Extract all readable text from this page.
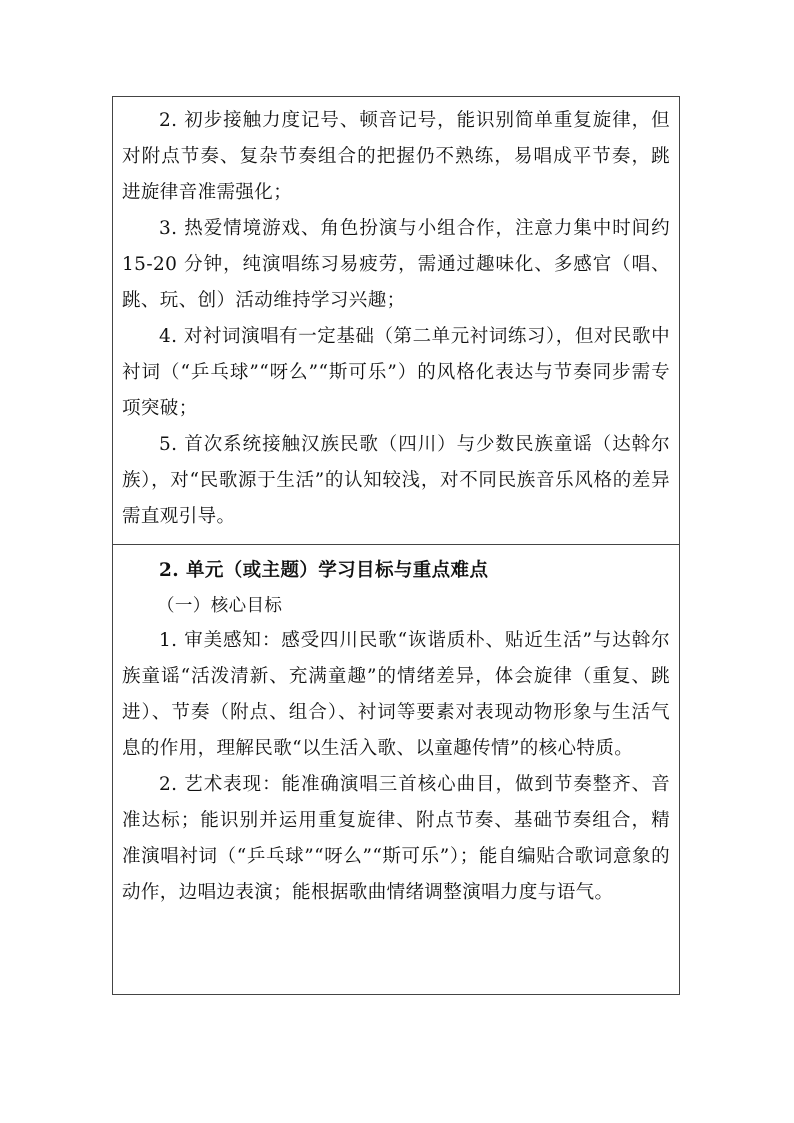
2. 初步接触力度记号、顿音记号，能识别简单重复旋律，但对附点节奏、复杂节奏组合的把握仍不熟练，易唱成平节奏，跳进旋律音准需强化；

3. 热爱情境游戏、角色扮演与小组合作，注意力集中时间约 15-20 分钟，纯演唱练习易疲劳，需通过趣味化、多感官（唱、跳、玩、创）活动维持学习兴趣；

4. 对衬词演唱有一定基础（第二单元衬词练习），但对民歌中衬词（“乒乓球”“呀么”“斯可乐”）的风格化表达与节奏同步需专项突破；

5. 首次系统接触汉族民歌（四川）与少数民族童谣（达斡尔族），对“民歌源于生活”的认知较浅，对不同民族音乐风格的差异需直观引导。

2. 单元（或主题）学习目标与重点难点

（一）核心目标

1. 审美感知：感受四川民歌“诙谐质朴、贴近生活”与达斡尔族童谣“活泼清新、充满童趣”的情绪差异，体会旋律（重复、跳进）、节奏（附点、组合）、衬词等要素对表现动物形象与生活气息的作用，理解民歌“以生活入歌、以童趣传情”的核心特质。

2. 艺术表现：能准确演唱三首核心曲目，做到节奏整齐、音准达标；能识别并运用重复旋律、附点节奏、基础节奏组合，精准演唱衬词（“乒乓球”“呀么”“斯可乐”）；能自编贴合歌词意象的动作，边唱边表演；能根据歌曲情绪调整演唱力度与语气。
